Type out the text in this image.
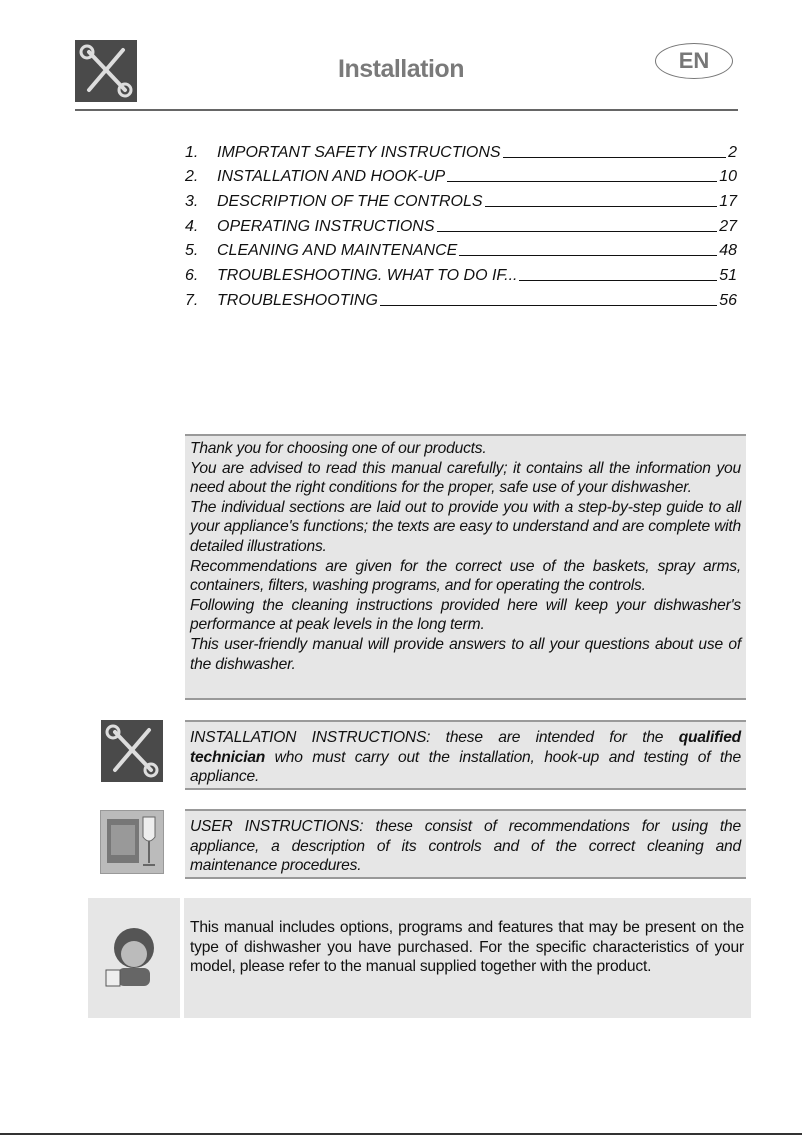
Installation	EN
1.	IMPORTANT SAFETY INSTRUCTIONS	2
2.	INSTALLATION AND HOOK-UP	10
3.	DESCRIPTION OF THE CONTROLS	17
4.	OPERATING INSTRUCTIONS	27
5.	CLEANING AND MAINTENANCE	48
6.	TROUBLESHOOTING. WHAT TO DO IF...	51
7.	TROUBLESHOOTING	56

Thank you for choosing one of our products.

You are advised to read this manual carefully; it contains all the information you need about the right conditions for the proper, safe use of your dishwasher.

The individual sections are laid out to provide you with a step-by-step guide to all your appliance's functions; the texts are easy to understand and are complete with detailed illustrations.

Recommendations are given for the correct use of the baskets, spray arms, containers, filters, washing programs, and for operating the controls.

Following the cleaning instructions provided here will keep your dishwasher's performance at peak levels in the long term.

This user-friendly manual will provide answers to all your questions about use of the dishwasher.

INSTALLATION INSTRUCTIONS: these are intended for the qualified technician who must carry out the installation, hook-up and testing of the appliance.
USER INSTRUCTIONS: these consist of recommendations for using the appliance, a description of its controls and of the correct cleaning and maintenance procedures.
This manual includes options, programs and features that may be present on the type of dishwasher you have purchased. For the specific characteristics of your model, please refer to the manual supplied together with the product.
